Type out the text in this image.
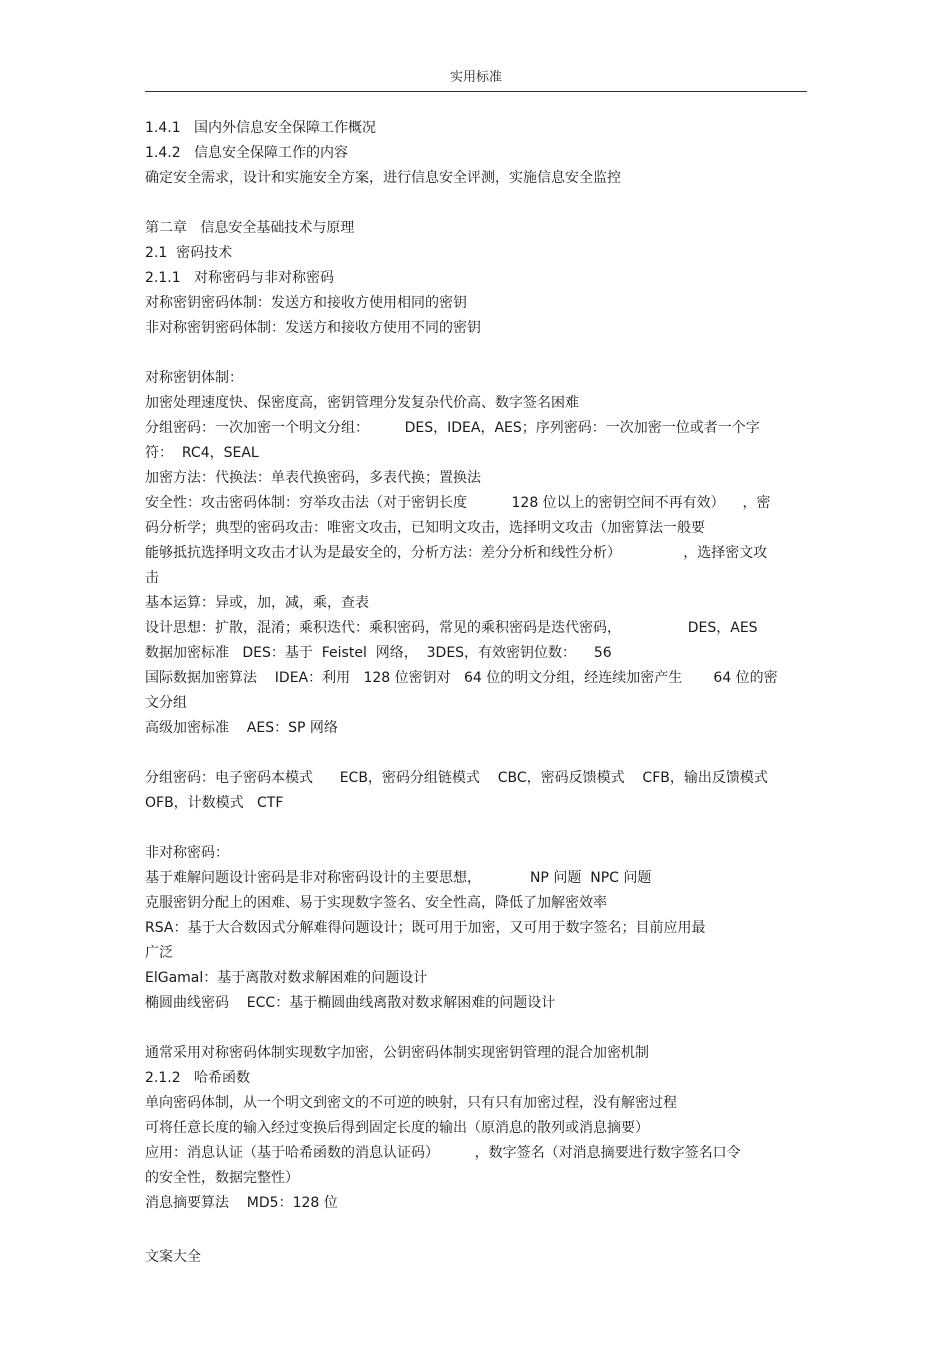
实用标准
1.4.1   国内外信息安全保障工作概况
1.4.2   信息安全保障工作的内容
确定安全需求，设计和实施安全方案，进行信息安全评测，实施信息安全监控
第二章   信息安全基础技术与原理
2.1  密码技术
2.1.1   对称密码与非对称密码
对称密钥密码体制：发送方和接收方使用相同的密钥
非对称密钥密码体制：发送方和接收方使用不同的密钥
对称密钥体制：
加密处理速度快、保密度高，密钥管理分发复杂代价高、数字签名困难
分组密码：一次加密一个明文分组：        DES，IDEA，AES；序列密码：一次加密一位或者一个字
符：  RC4，SEAL
加密方法：代换法：单表代换密码，多表代换；置换法
安全性：攻击密码体制：穷举攻击法（对于密钥长度          128 位以上的密钥空间不再有效）    ，密
码分析学；典型的密码攻击：唯密文攻击，已知明文攻击，选择明文攻击（加密算法一般要
能够抵抗选择明文攻击才认为是最安全的，分析方法：差分分析和线性分析）              ，选择密文攻
击
基本运算：异或，加，减，乘，查表
设计思想：扩散，混淆；乘积迭代：乘积密码，常见的乘积密码是迭代密码，               DES，AES
数据加密标准   DES：基于  Feistel  网络，  3DES，有效密钥位数：    56
国际数据加密算法    IDEA：利用   128 位密钥对   64 位的明文分组，经连续加密产生       64 位的密
文分组
高级加密标准    AES：SP 网络
分组密码：电子密码本模式      ECB，密码分组链模式    CBC，密码反馈模式    CFB，输出反馈模式
OFB，计数模式   CTF
非对称密码：
基于难解问题设计密码是非对称密码设计的主要思想，           NP 问题  NPC 问题
克服密钥分配上的困难、易于实现数字签名、安全性高，降低了加解密效率
RSA：基于大合数因式分解难得问题设计；既可用于加密，又可用于数字签名；目前应用最
广泛
ElGamal：基于离散对数求解困难的问题设计
椭圆曲线密码    ECC：基于椭圆曲线离散对数求解困难的问题设计
通常采用对称密码体制实现数字加密，公钥密码体制实现密钥管理的混合加密机制
2.1.2   哈希函数
单向密码体制，从一个明文到密文的不可逆的映射，只有只有加密过程，没有解密过程
可将任意长度的输入经过变换后得到固定长度的输出（原消息的散列或消息摘要）
应用：消息认证（基于哈希函数的消息认证码）        ，数字签名（对消息摘要进行数字签名口令
的安全性，数据完整性）
消息摘要算法    MD5：128 位
文案大全
